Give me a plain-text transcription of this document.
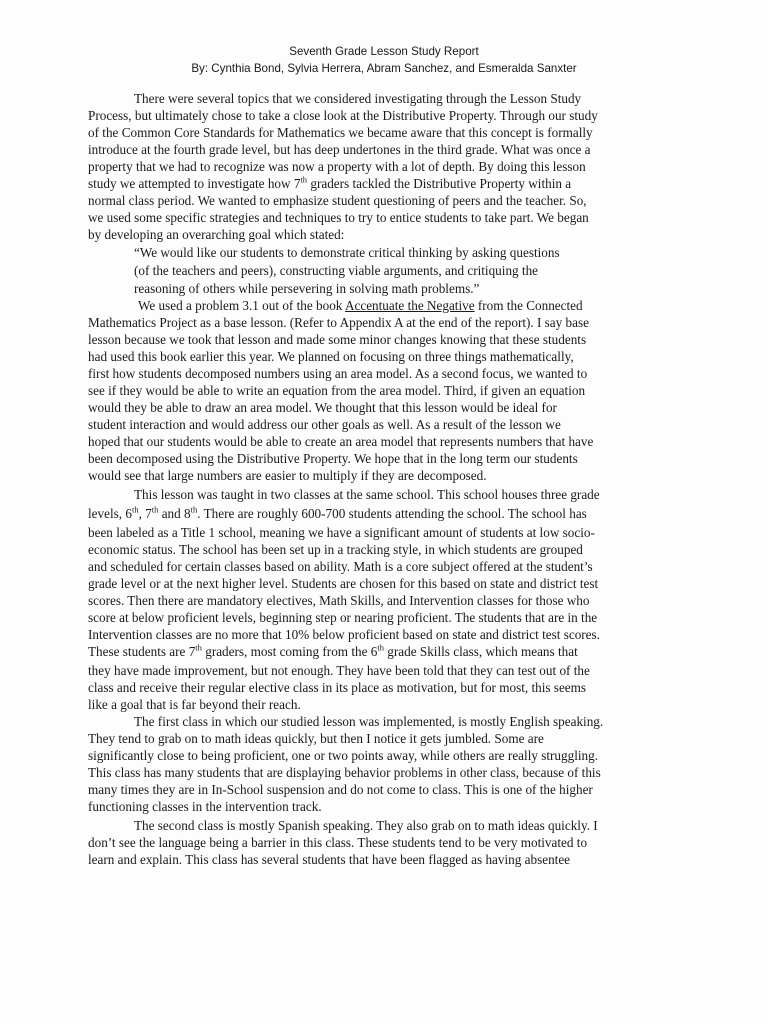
Seventh Grade Lesson Study Report
By: Cynthia Bond, Sylvia Herrera, Abram Sanchez, and Esmeralda Sanxter
There were several topics that we considered investigating through the Lesson Study
Process, but ultimately chose to take a close look at the Distributive Property. Through our study
of the Common Core Standards for Mathematics we became aware that this concept is formally
introduce at the fourth grade level, but has deep undertones in the third grade. What was once a
property that we had to recognize was now a property with a lot of depth. By doing this lesson
study we attempted to investigate how 7th graders tackled the Distributive Property within a
normal class period. We wanted to emphasize student questioning of peers and the teacher. So,
we used some specific strategies and techniques to try to entice students to take part. We began
by developing an overarching goal which stated:
“We would like our students to demonstrate critical thinking by asking questions
(of the teachers and peers), constructing viable arguments, and critiquing the
reasoning of others while persevering in solving math problems.”
We used a problem 3.1 out of the book Accentuate the Negative from the Connected
Mathematics Project as a base lesson. (Refer to Appendix A at the end of the report). I say base
lesson because we took that lesson and made some minor changes knowing that these students
had used this book earlier this year. We planned on focusing on three things mathematically,
first how students decomposed numbers using an area model. As a second focus, we wanted to
see if they would be able to write an equation from the area model. Third, if given an equation
would they be able to draw an area model. We thought that this lesson would be ideal for
student interaction and would address our other goals as well. As a result of the lesson we
hoped that our students would be able to create an area model that represents numbers that have
been decomposed using the Distributive Property. We hope that in the long term our students
would see that large numbers are easier to multiply if they are decomposed.
This lesson was taught in two classes at the same school. This school houses three grade
levels, 6th, 7th and 8th. There are roughly 600-700 students attending the school. The school has
been labeled as a Title 1 school, meaning we have a significant amount of students at low socio-
economic status. The school has been set up in a tracking style, in which students are grouped
and scheduled for certain classes based on ability. Math is a core subject offered at the student’s
grade level or at the next higher level. Students are chosen for this based on state and district test
scores. Then there are mandatory electives, Math Skills, and Intervention classes for those who
score at below proficient levels, beginning step or nearing proficient. The students that are in the
Intervention classes are no more that 10% below proficient based on state and district test scores.
These students are 7th graders, most coming from the 6th grade Skills class, which means that
they have made improvement, but not enough. They have been told that they can test out of the
class and receive their regular elective class in its place as motivation, but for most, this seems
like a goal that is far beyond their reach.
The first class in which our studied lesson was implemented, is mostly English speaking.
They tend to grab on to math ideas quickly, but then I notice it gets jumbled. Some are
significantly close to being proficient, one or two points away, while others are really struggling.
This class has many students that are displaying behavior problems in other class, because of this
many times they are in In-School suspension and do not come to class. This is one of the higher
functioning classes in the intervention track.
The second class is mostly Spanish speaking. They also grab on to math ideas quickly. I
don’t see the language being a barrier in this class. These students tend to be very motivated to
learn and explain. This class has several students that have been flagged as having absentee
